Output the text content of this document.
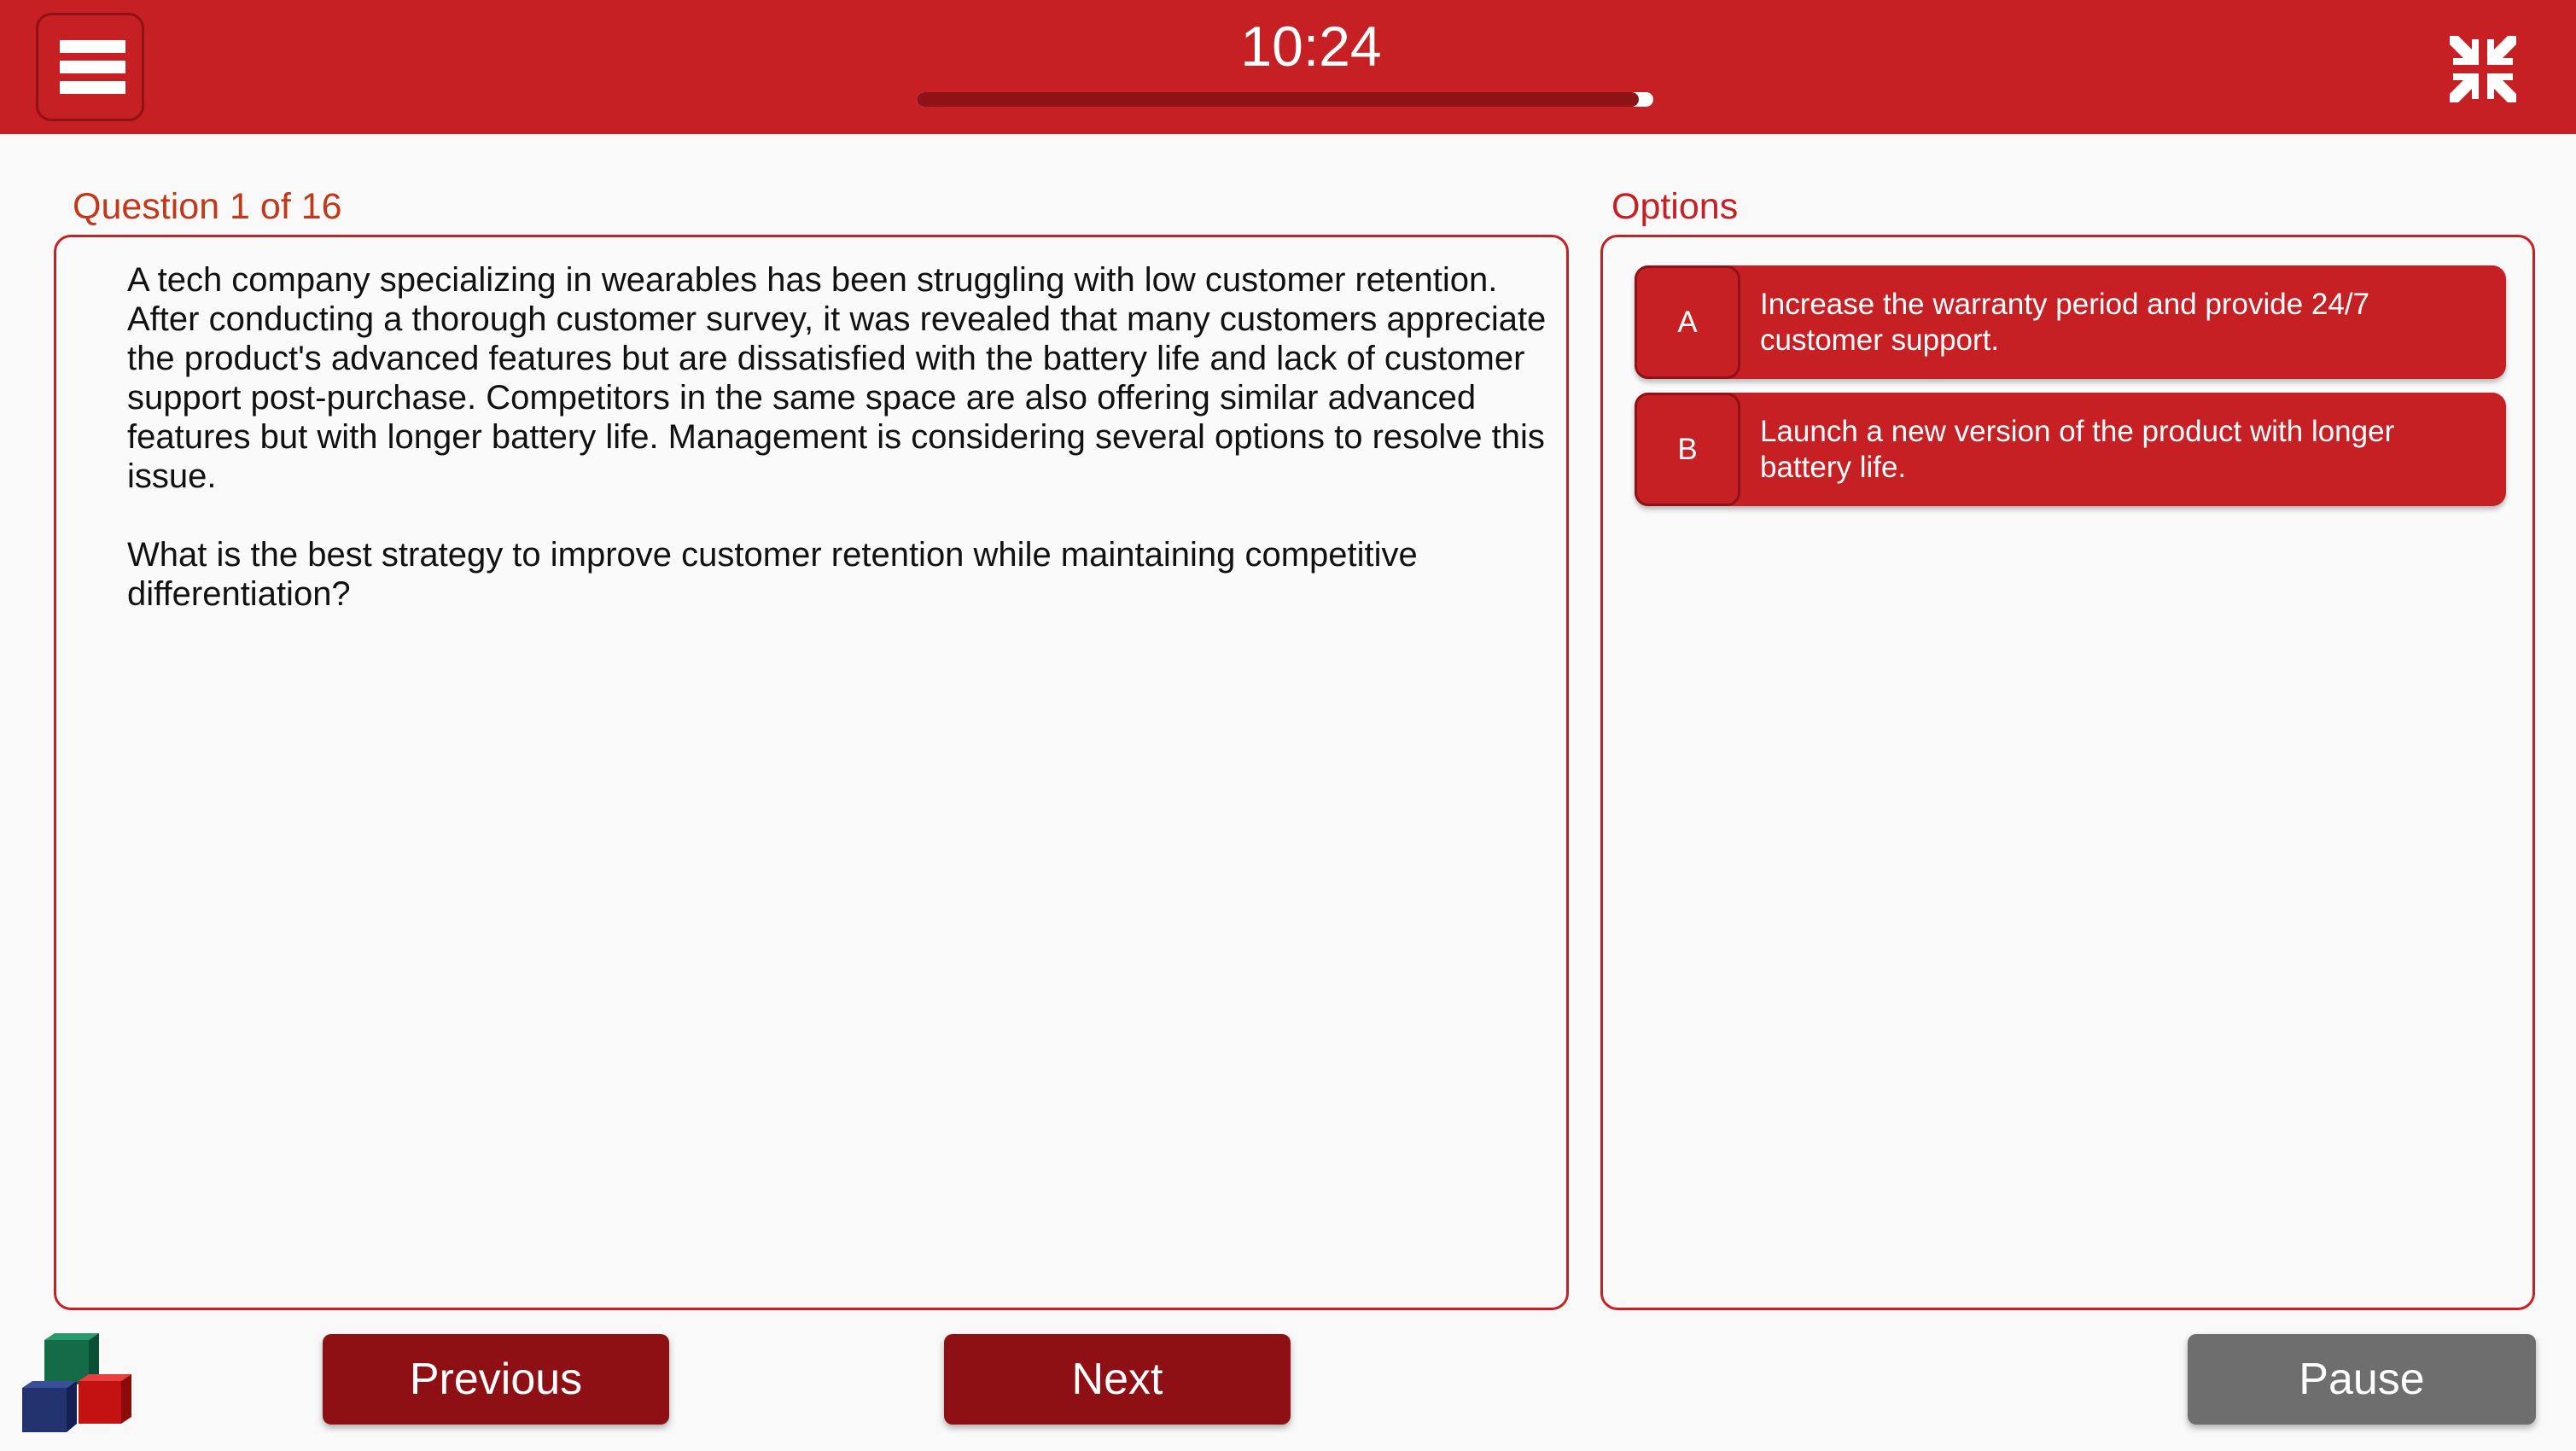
10:24
Question 1 of 16	Options

A tech company specializing in wearables has been struggling with low customer retention. After conducting a thorough customer survey, it was revealed that many customers appreciate the product's advanced features but are dissatisfied with the battery life and lack of customer support post-purchase. Competitors in the same space are also offering similar advanced features but with longer battery life. Management is considering several options to resolve this issue.

What is the best strategy to improve customer retention while maintaining competitive differentiation?

A
Increase the warranty period and provide 24/7 customer support.
B
Launch a new version of the product with longer battery life.
Previous	Next	Pause
